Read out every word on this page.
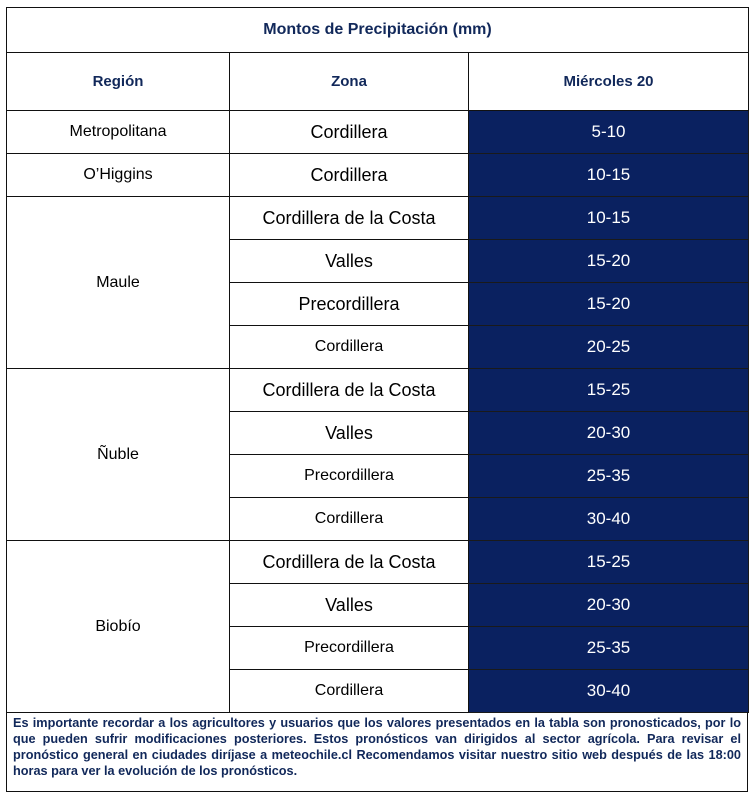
Montos de Precipitación (mm)		
Región	Zona	Miércoles 20
Metropolitana	Cordillera	5-10
O’Higgins	Cordillera	10-15
Maule	Cordillera de la Costa	10-15
	Valles	15-20
	Precordillera	15-20
	Cordillera	20-25
Ñuble	Cordillera de la Costa	15-25
	Valles	20-30
	Precordillera	25-35
	Cordillera	30-40
Biobío	Cordillera de la Costa	15-25
	Valles	20-30
	Precordillera	25-35
	Cordillera	30-40
Es importante recordar a los agricultores y usuarios que los valores presentados en la tabla son pronosticados, por lo que pueden sufrir modificaciones posteriores. Estos pronósticos van dirigidos al sector agrícola. Para revisar el pronóstico general en ciudades diríjase a meteochile.cl Recomendamos visitar nuestro sitio web después de las 18:00 horas para ver la evolución de los pronósticos.
